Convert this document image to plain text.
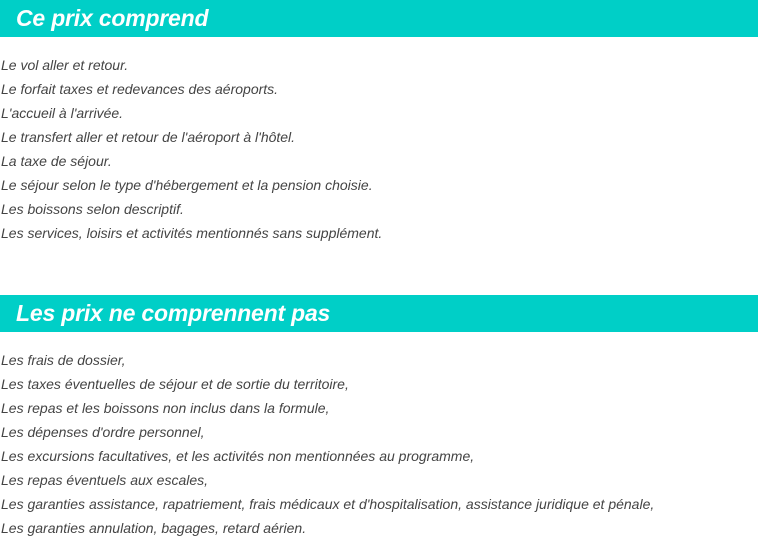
Ce prix comprend
Le vol aller et retour.
Le forfait taxes et redevances des aéroports.
L'accueil à l'arrivée.
Le transfert aller et retour de l'aéroport à l'hôtel.
La taxe de séjour.
Le séjour selon le type d'hébergement et la pension choisie.
Les boissons selon descriptif.
Les services, loisirs et activités mentionnés sans supplément.
Les prix ne comprennent pas
Les frais de dossier,
Les taxes éventuelles de séjour et de sortie du territoire,
Les repas et les boissons non inclus dans la formule,
Les dépenses d'ordre personnel,
Les excursions facultatives, et les activités non mentionnées au programme,
Les repas éventuels aux escales,
Les garanties assistance, rapatriement, frais médicaux et d'hospitalisation, assistance juridique et pénale,
Les garanties annulation, bagages, retard aérien.
